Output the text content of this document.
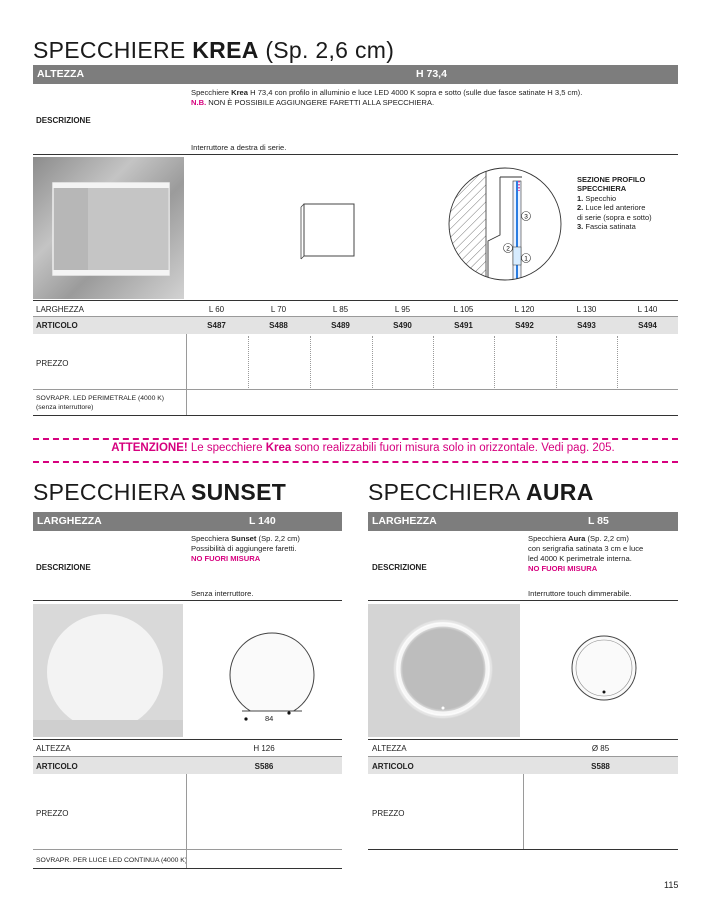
SPECCHIERE KREA (Sp. 2,6 cm)
ALTEZZA	H 73,4
DESCRIZIONE
Specchiere Krea H 73,4 con profilo in alluminio e luce LED 4000 K sopra e sotto (sulle due fasce satinate H 3,5 cm).
N.B. NON È POSSIBILE AGGIUNGERE FARETTI ALLA SPECCHIERA.
Interruttore a destra di serie.
3
2
1
SEZIONE PROFILO
SPECCHIERA
1. Specchio
2. Luce led anteriore
di serie (sopra e sotto)
3. Fascia satinata
LARGHEZZA	L 60	L 70	L 85	L 95	L 105	L 120	L 130	L 140
ARTICOLO	S487	S488	S489	S490	S491	S492	S493	S494
PREZZO
SOVRAPR. LED PERIMETRALE (4000 K)
(senza interruttore)
ATTENZIONE! Le specchiere Krea sono realizzabili fuori misura solo in orizzontale. Vedi pag. 205.
SPECCHIERA SUNSET
LARGHEZZA	L 140
DESCRIZIONE
Specchiera Sunset (Sp. 2,2 cm)
Possibilità di aggiungere faretti.
NO FUORI MISURA
Senza interruttore.
84
ALTEZZA	H 126
ARTICOLO	S586
PREZZO
SOVRAPR. PER LUCE LED CONTINUA (4000 K)
SPECCHIERA AURA
LARGHEZZA	L 85
DESCRIZIONE
Specchiera Aura (Sp. 2,2 cm)
con serigrafia satinata 3 cm e luce
led 4000 K perimetrale interna.
NO FUORI MISURA
Interruttore touch dimmerabile.
ALTEZZA	Ø 85
ARTICOLO	S588
PREZZO
115
